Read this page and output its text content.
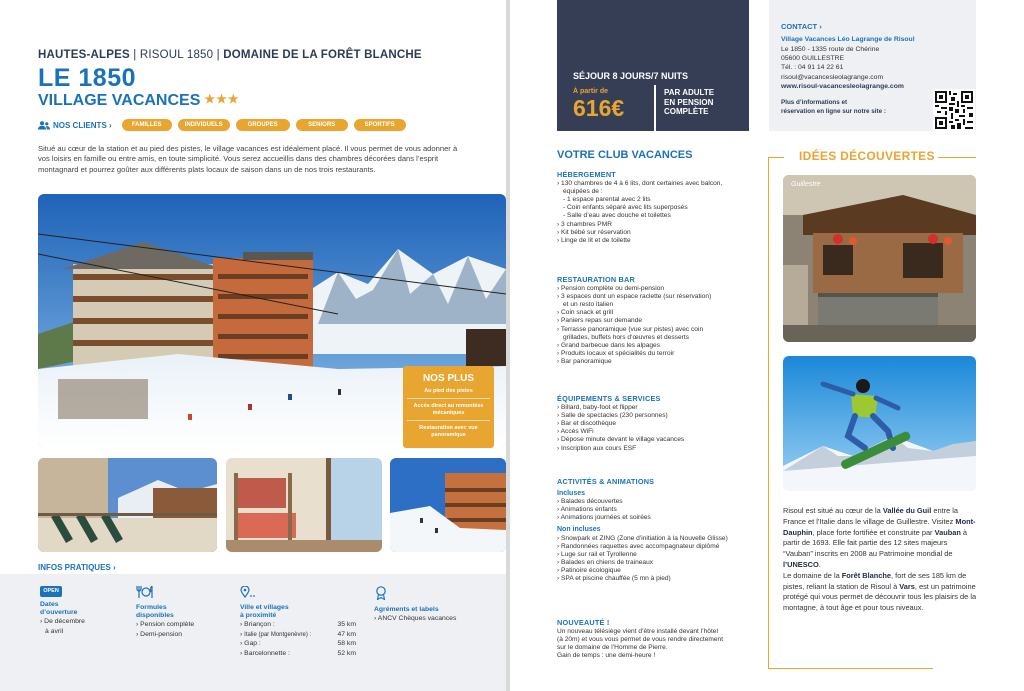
HAUTES-ALPES | RISOUL 1850 | DOMAINE DE LA FORÊT BLANCHE
LE 1850
VILLAGE VACANCES ★★★
NOS CLIENTS ›	FAMILLES	INDIVIDUELS	GROUPES	SENIORS	SPORTIFS
Situé au cœur de la station et au pied des pistes, le village vacances est idéalement placé. Il vous permet de vous adonner à vos loisirs en famille ou entre amis, en toute simplicité. Vous serez accueillis dans des chambres décorées dans l’esprit montagnard et pourrez goûter aux différents plats locaux de saison dans un de nos trois restaurants.
NOS PLUS

Au pied des pistes

Accès direct au remontées mécaniques

Restauration avec vue panoramique

INFOS PRATIQUES ›
OPEN
Dates
d’ouverture
› De décembre
à avril
Formules
disponibles
› Pension complète
› Demi-pension
Ville et villages
à proximité
› Briançon :	35 km
› Italie (par Montgenèvre) :	47 km
› Gap :	58 km
› Barcelonnette :	52 km
Agréments et labels
› ANCV Chèques vacances
SÉJOUR 8 JOURS/7 NUITS
À partir de
616€
PAR ADULTE
EN PENSION
COMPLÈTE
CONTACT ›
Village Vacances Léo Lagrange de Risoul
Le 1850 - 1335 route de Chérine
05600 GUILLESTRE
Tél. : 04 91 14 22 61
risoul@vacancesleolagrange.com
www.risoul-vacancesleolagrange.com
Plus d’informations et
réservation en ligne sur notre site :
VOTRE CLUB VACANCES
HÉBERGEMENT
› 130 chambres de 4 à 6 lits, dont certaines avec balcon,
équipées de :
- 1 espace parental avec 2 lits
- Coin enfants séparé avec lits superposés
- Salle d’eau avec douche et toilettes
› 3 chambres PMR
› Kit bébé sur réservation
› Linge de lit et de toilette
RESTAURATION BAR
› Pension complète ou demi-pension
› 3 espaces dont un espace raclette (sur réservation)
et un resto italien
› Coin snack et grill
› Paniers repas sur demande
› Terrasse panoramique (vue sur pistes) avec coin
grillades, buffets hors d’œuvres et desserts
› Grand barbecue dans les alpages
› Produits locaux et spécialités du terroir
› Bar panoramique
ÉQUIPEMENTS & SERVICES
› Billard, baby-foot et flipper
› Salle de spectacles (230 personnes)
› Bar et discothèque
› Accès WiFi
› Dépose minute devant le village vacances
› Inscription aux cours ESF
ACTIVITÉS & ANIMATIONS
Incluses
› Balades découvertes
› Animations enfants
› Animations journées et soirées
Non incluses
› Snowpark et ZING (Zone d’initiation à la Nouvelle Glisse)
› Randonnées raquettes avec accompagnateur diplômé
› Luge sur rail et Tyrollenne
› Balades en chiens de traineaux
› Patinoire écologique
› SPA et piscine chauffée (5 mn à pied)
NOUVEAUTÉ !
Un nouveau télésiège vient d’être installé devant l’hôtel
(à 20m) et vous vous permet de vous rendre directement
sur le domaine de l’Homme de Pierre.
Gain de temps : une demi-heure !
IDÉES DÉCOUVERTES
Guillestre

Risoul est situé au cœur de la Vallée du Guil entre la France et l’Italie dans le village de Guillestre. Visitez Mont-Dauphin, place forte fortifiée et construite par Vauban à partir de 1693. Elle fait partie des 12 sites majeurs “Vauban” inscrits en 2008 au Patrimoine mondial de l’UNESCO.

Le domaine de la Forêt Blanche, fort de ses 185 km de pistes, reliant la station de Risoul à Vars, est un patrimoine protégé qui vous permet de découvrir tous les plaisirs de la montagne, à tout âge et pour tous niveaux.
